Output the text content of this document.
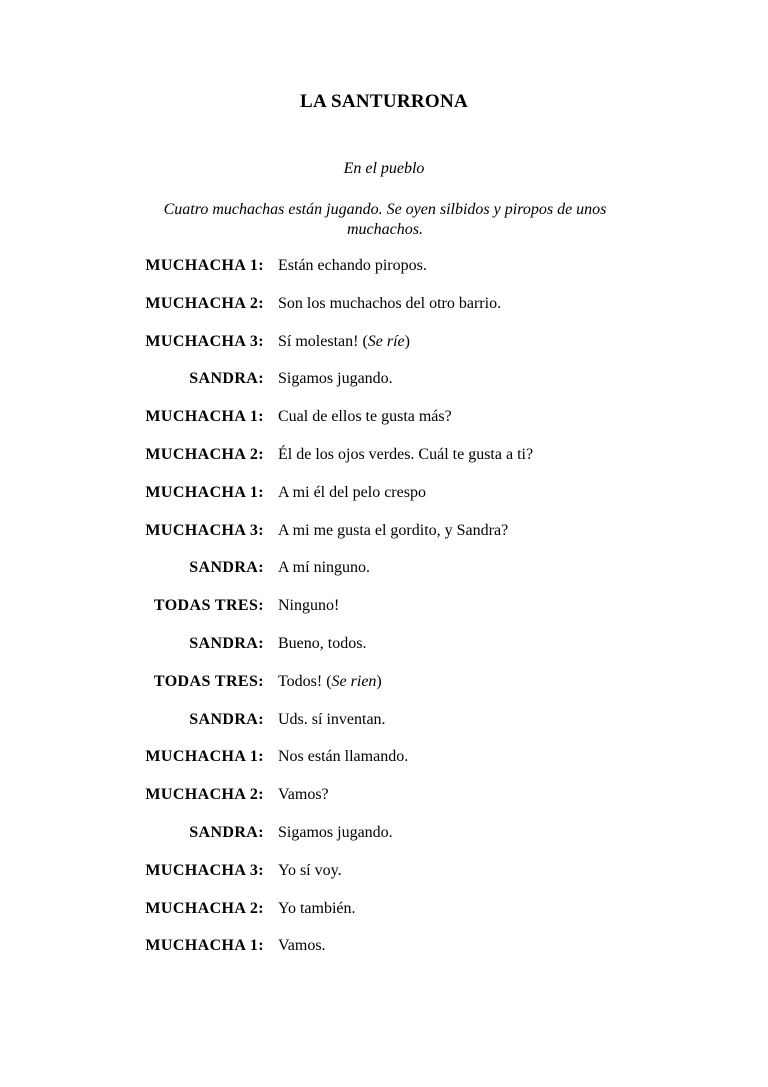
LA SANTURRONA
En el pueblo
Cuatro muchachas están jugando. Se oyen silbidos y piropos de unos
muchachos.
MUCHACHA 1: Están echando piropos.
MUCHACHA 2: Son los muchachos del otro barrio.
MUCHACHA 3: Sí molestan! (Se ríe)
SANDRA: Sigamos jugando.
MUCHACHA 1: Cual de ellos te gusta más?
MUCHACHA 2: Él de los ojos verdes. Cuál te gusta a ti?
MUCHACHA 1: A mi él del pelo crespo
MUCHACHA 3: A mi me gusta el gordito, y Sandra?
SANDRA: A mí ninguno.
TODAS TRES: Ninguno!
SANDRA: Bueno, todos.
TODAS TRES: Todos! (Se rien)
SANDRA: Uds. sí inventan.
MUCHACHA 1: Nos están llamando.
MUCHACHA 2: Vamos?
SANDRA: Sigamos jugando.
MUCHACHA 3: Yo sí voy.
MUCHACHA 2: Yo también.
MUCHACHA 1: Vamos.
